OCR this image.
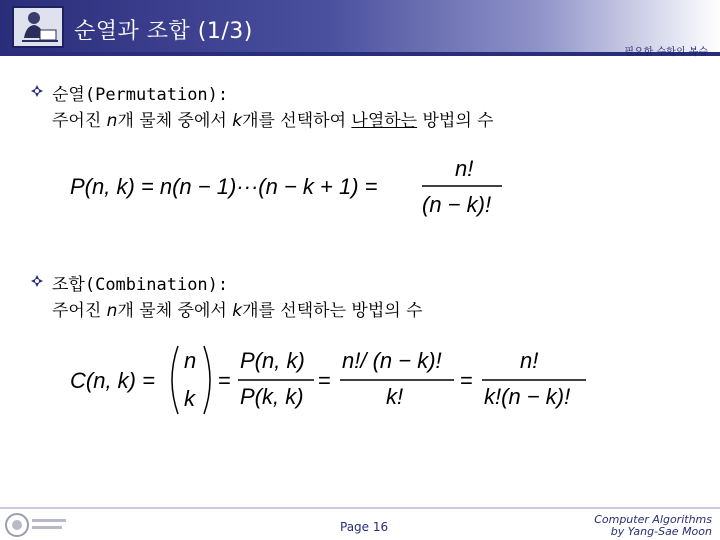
순열과 조합 (1/3)
필요한 수학의 복습
순열(Permutation):
주어진 n개 물체 중에서 k개를 선택하여 나열하는 방법의 수
P(n, k) = n(n − 1)···(n − k + 1) =
n!
(n − k)!
조합(Combination):
주어진 n개 물체 중에서 k개를 선택하는 방법의 수
C(n, k) =
n
k
=
P(n, k)
P(k, k)
=
n!/ (n − k)!
k!
=
n!
k!(n − k)!
Page 16
Computer Algorithms
by Yang-Sae Moon
